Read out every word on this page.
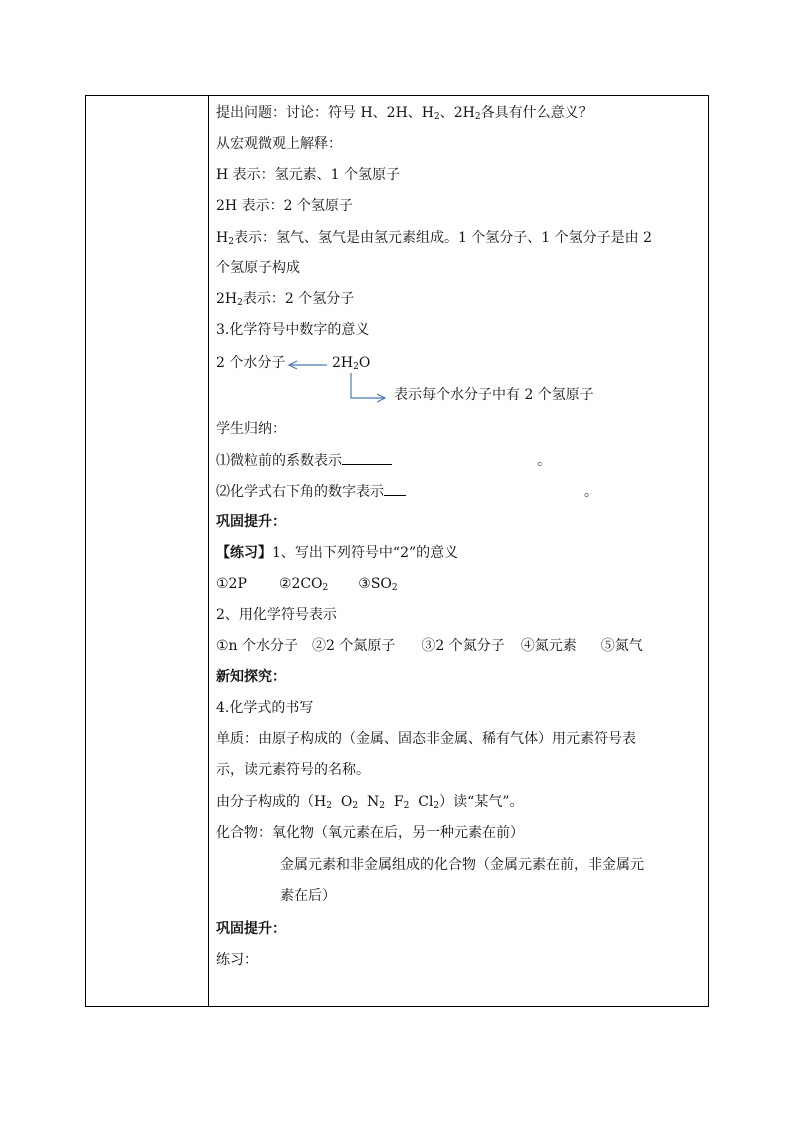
提出问题：讨论：符号 H、2H、$H_2$、$2H_2$各具有什么意义？
从宏观微观上解释：
H 表示：氢元素、1 个氢原子
2H 表示：2 个氢原子
$H_2$表示：氢气、氢气是由氢元素组成。1 个氢分子、1 个氢分子是由 2
个氢原子构成
$2H_2$表示：2 个氢分子
3.化学符号中数字的意义
2 个水分子	$2H_2O$
表示每个水分子中有 2 个氢原子
学生归纳：
⑴微粒前的系数表示	。
⑵化学式右下角的数字表示	。
巩固提升：
【练习】1、写出下列符号中“2”的意义
①2P $②2CO_2$ $③SO_2$
2、用化学符号表示
①n 个水分子 ②2 个氮原子 ③2 个氮分子 ④氮元素 ⑤氮气
新知探究：
4.化学式的书写
单质：由原子构成的（金属、固态非金属、稀有气体）用元素符号表
示，读元素符号的名称。
由分子构成的（$H_2$  $O_2$  $N_2$  $F_2$  $Cl_2$）读“某气”。
化合物：氧化物（氧元素在后，另一种元素在前）
金属元素和非金属组成的化合物（金属元素在前，非金属元
素在后）
巩固提升：
练习：
